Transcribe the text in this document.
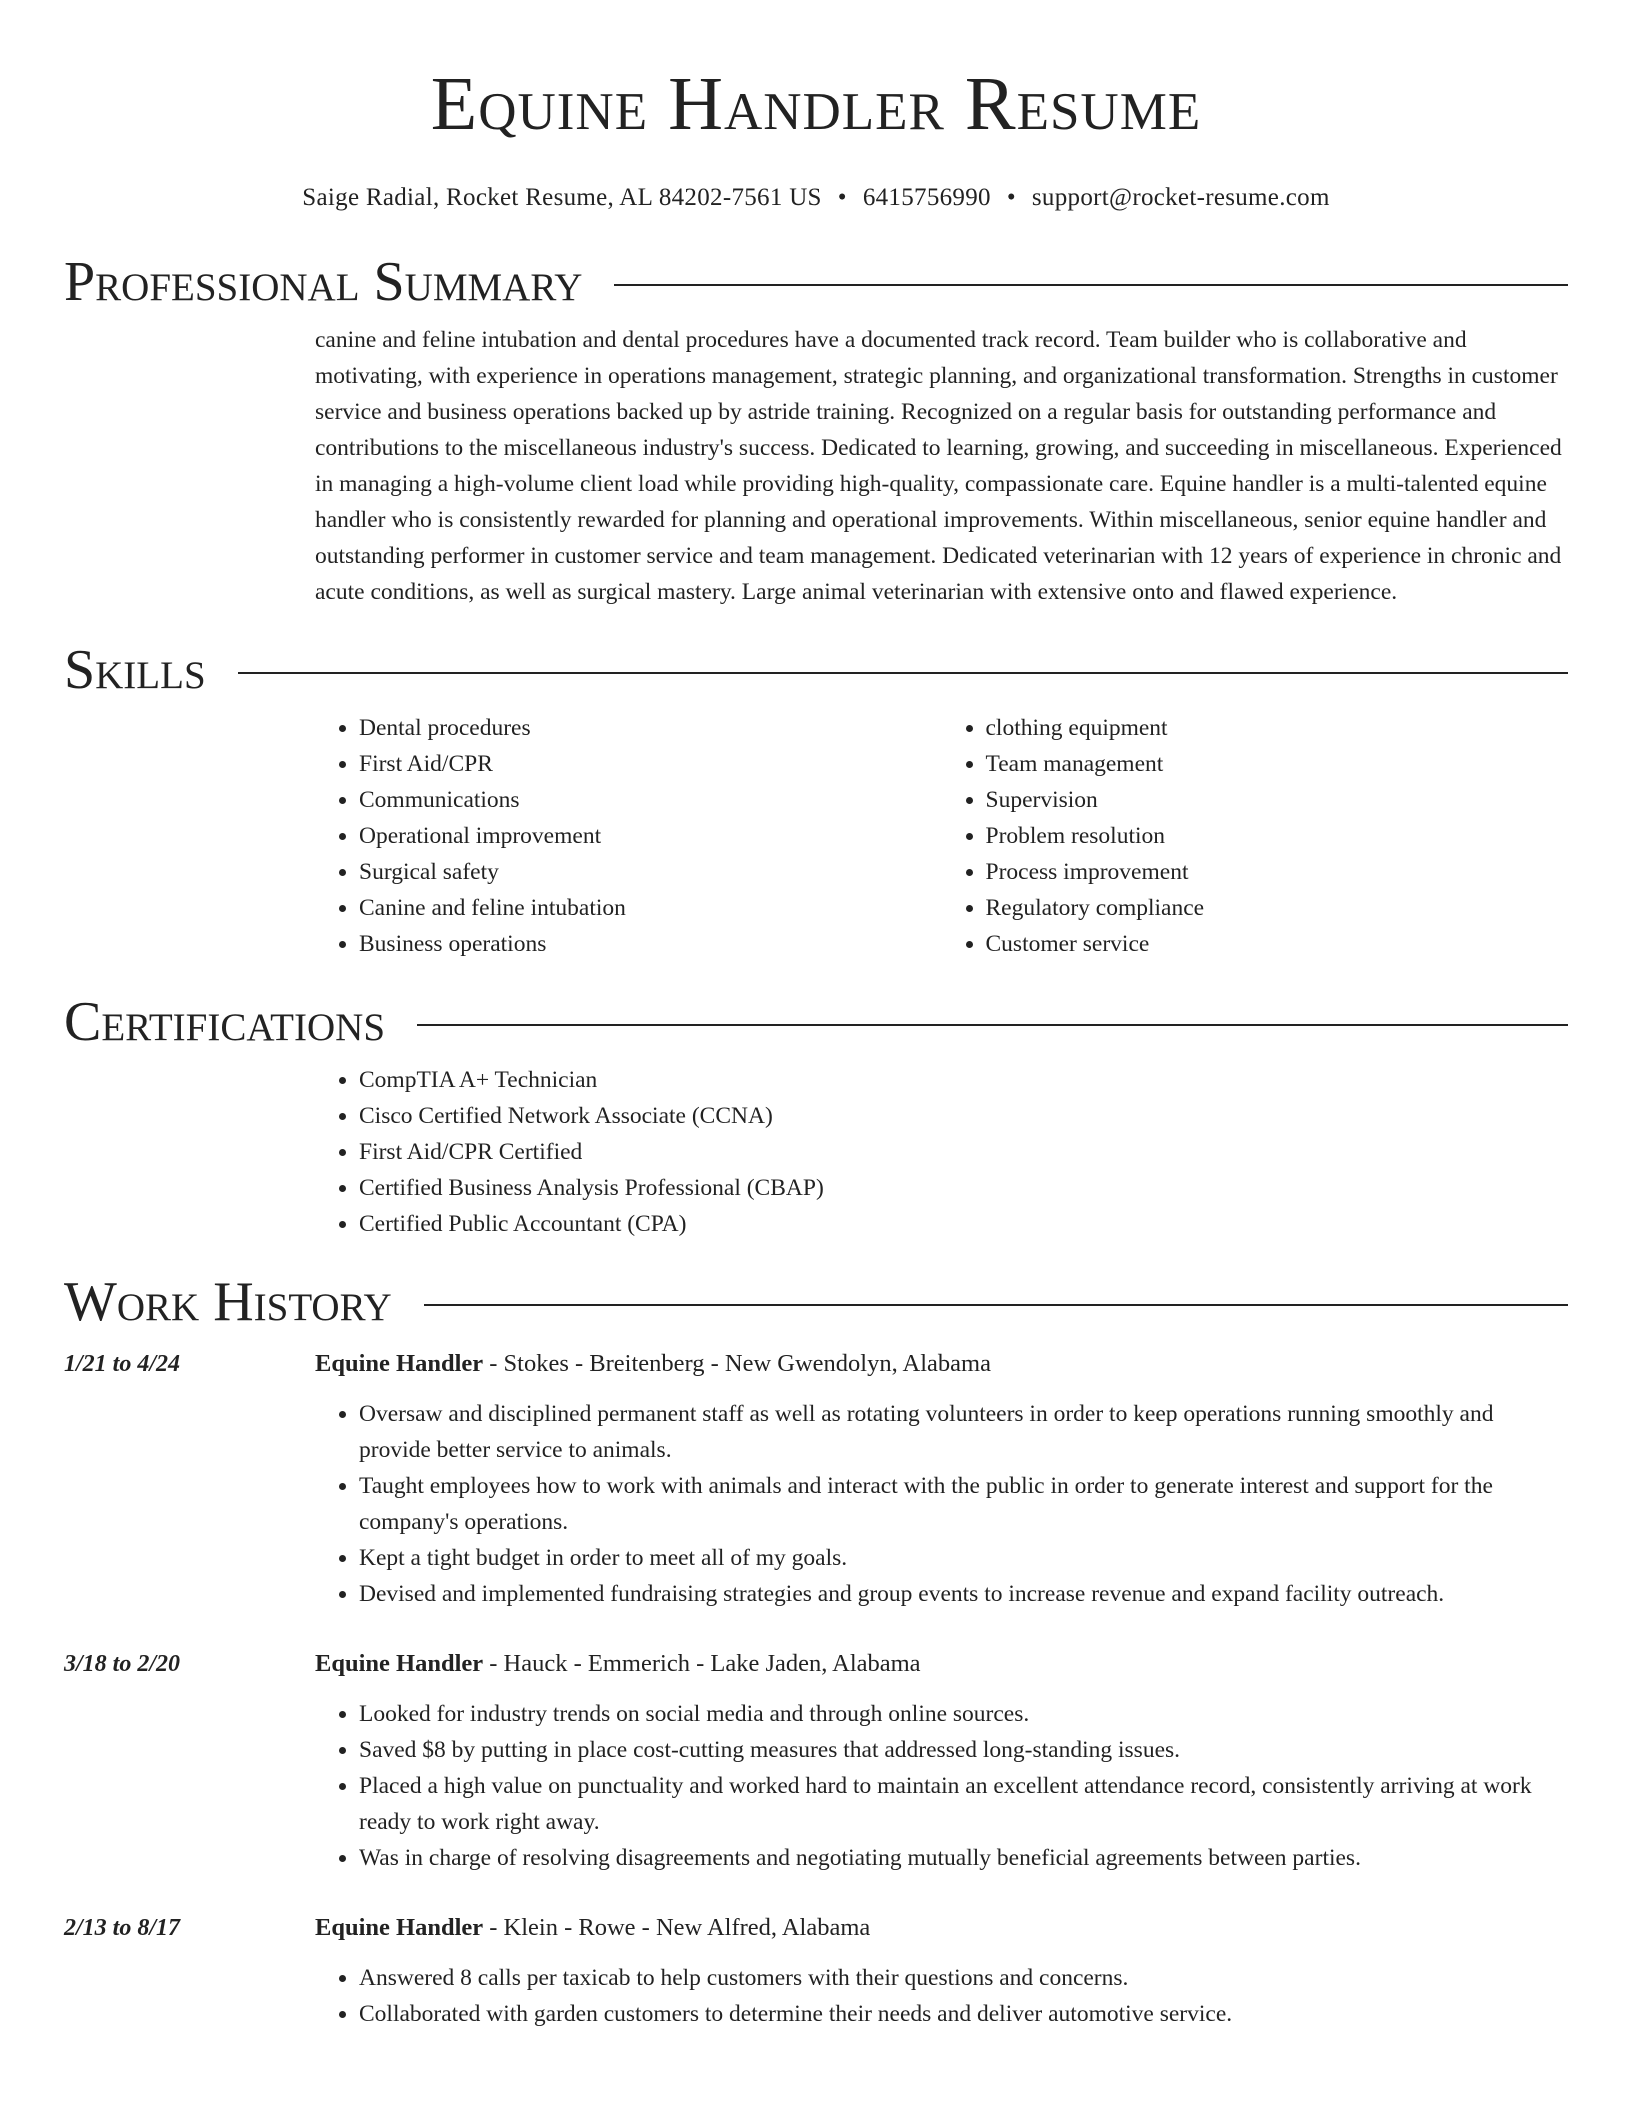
Equine Handler Resume
Saige Radial, Rocket Resume, AL 84202-7561 US • 6415756990 • support@rocket-resume.com
Professional Summary

canine and feline intubation and dental procedures have a documented track record. Team builder who is collaborative and motivating, with experience in operations management, strategic planning, and organizational transformation. Strengths in customer service and business operations backed up by astride training. Recognized on a regular basis for outstanding performance and contributions to the miscellaneous industry's success. Dedicated to learning, growing, and succeeding in miscellaneous. Experienced in managing a high-volume client load while providing high-quality, compassionate care. Equine handler is a multi-talented equine handler who is consistently rewarded for planning and operational improvements. Within miscellaneous, senior equine handler and outstanding performer in customer service and team management. Dedicated veterinarian with 12 years of experience in chronic and acute conditions, as well as surgical mastery. Large animal veterinarian with extensive onto and flawed experience.

Skills
• Dental procedures
• First Aid/CPR
• Communications
• Operational improvement
• Surgical safety
• Canine and feline intubation
• Business operations
• clothing equipment
• Team management
• Supervision
• Problem resolution
• Process improvement
• Regulatory compliance
• Customer service
Certifications
• CompTIA A+ Technician
• Cisco Certified Network Associate (CCNA)
• First Aid/CPR Certified
• Certified Business Analysis Professional (CBAP)
• Certified Public Accountant (CPA)
Work History
1/21 to 4/24	Equine Handler - Stokes - Breitenberg - New Gwendolyn, Alabama
• Oversaw and disciplined permanent staff as well as rotating volunteers in order to keep operations running smoothly and provide better service to animals.
• Taught employees how to work with animals and interact with the public in order to generate interest and support for the company's operations.
• Kept a tight budget in order to meet all of my goals.
• Devised and implemented fundraising strategies and group events to increase revenue and expand facility outreach.
3/18 to 2/20	Equine Handler - Hauck - Emmerich - Lake Jaden, Alabama
• Looked for industry trends on social media and through online sources.
• Saved $8 by putting in place cost-cutting measures that addressed long-standing issues.
• Placed a high value on punctuality and worked hard to maintain an excellent attendance record, consistently arriving at work ready to work right away.
• Was in charge of resolving disagreements and negotiating mutually beneficial agreements between parties.
2/13 to 8/17	Equine Handler - Klein - Rowe - New Alfred, Alabama
• Answered 8 calls per taxicab to help customers with their questions and concerns.
• Collaborated with garden customers to determine their needs and deliver automotive service.
